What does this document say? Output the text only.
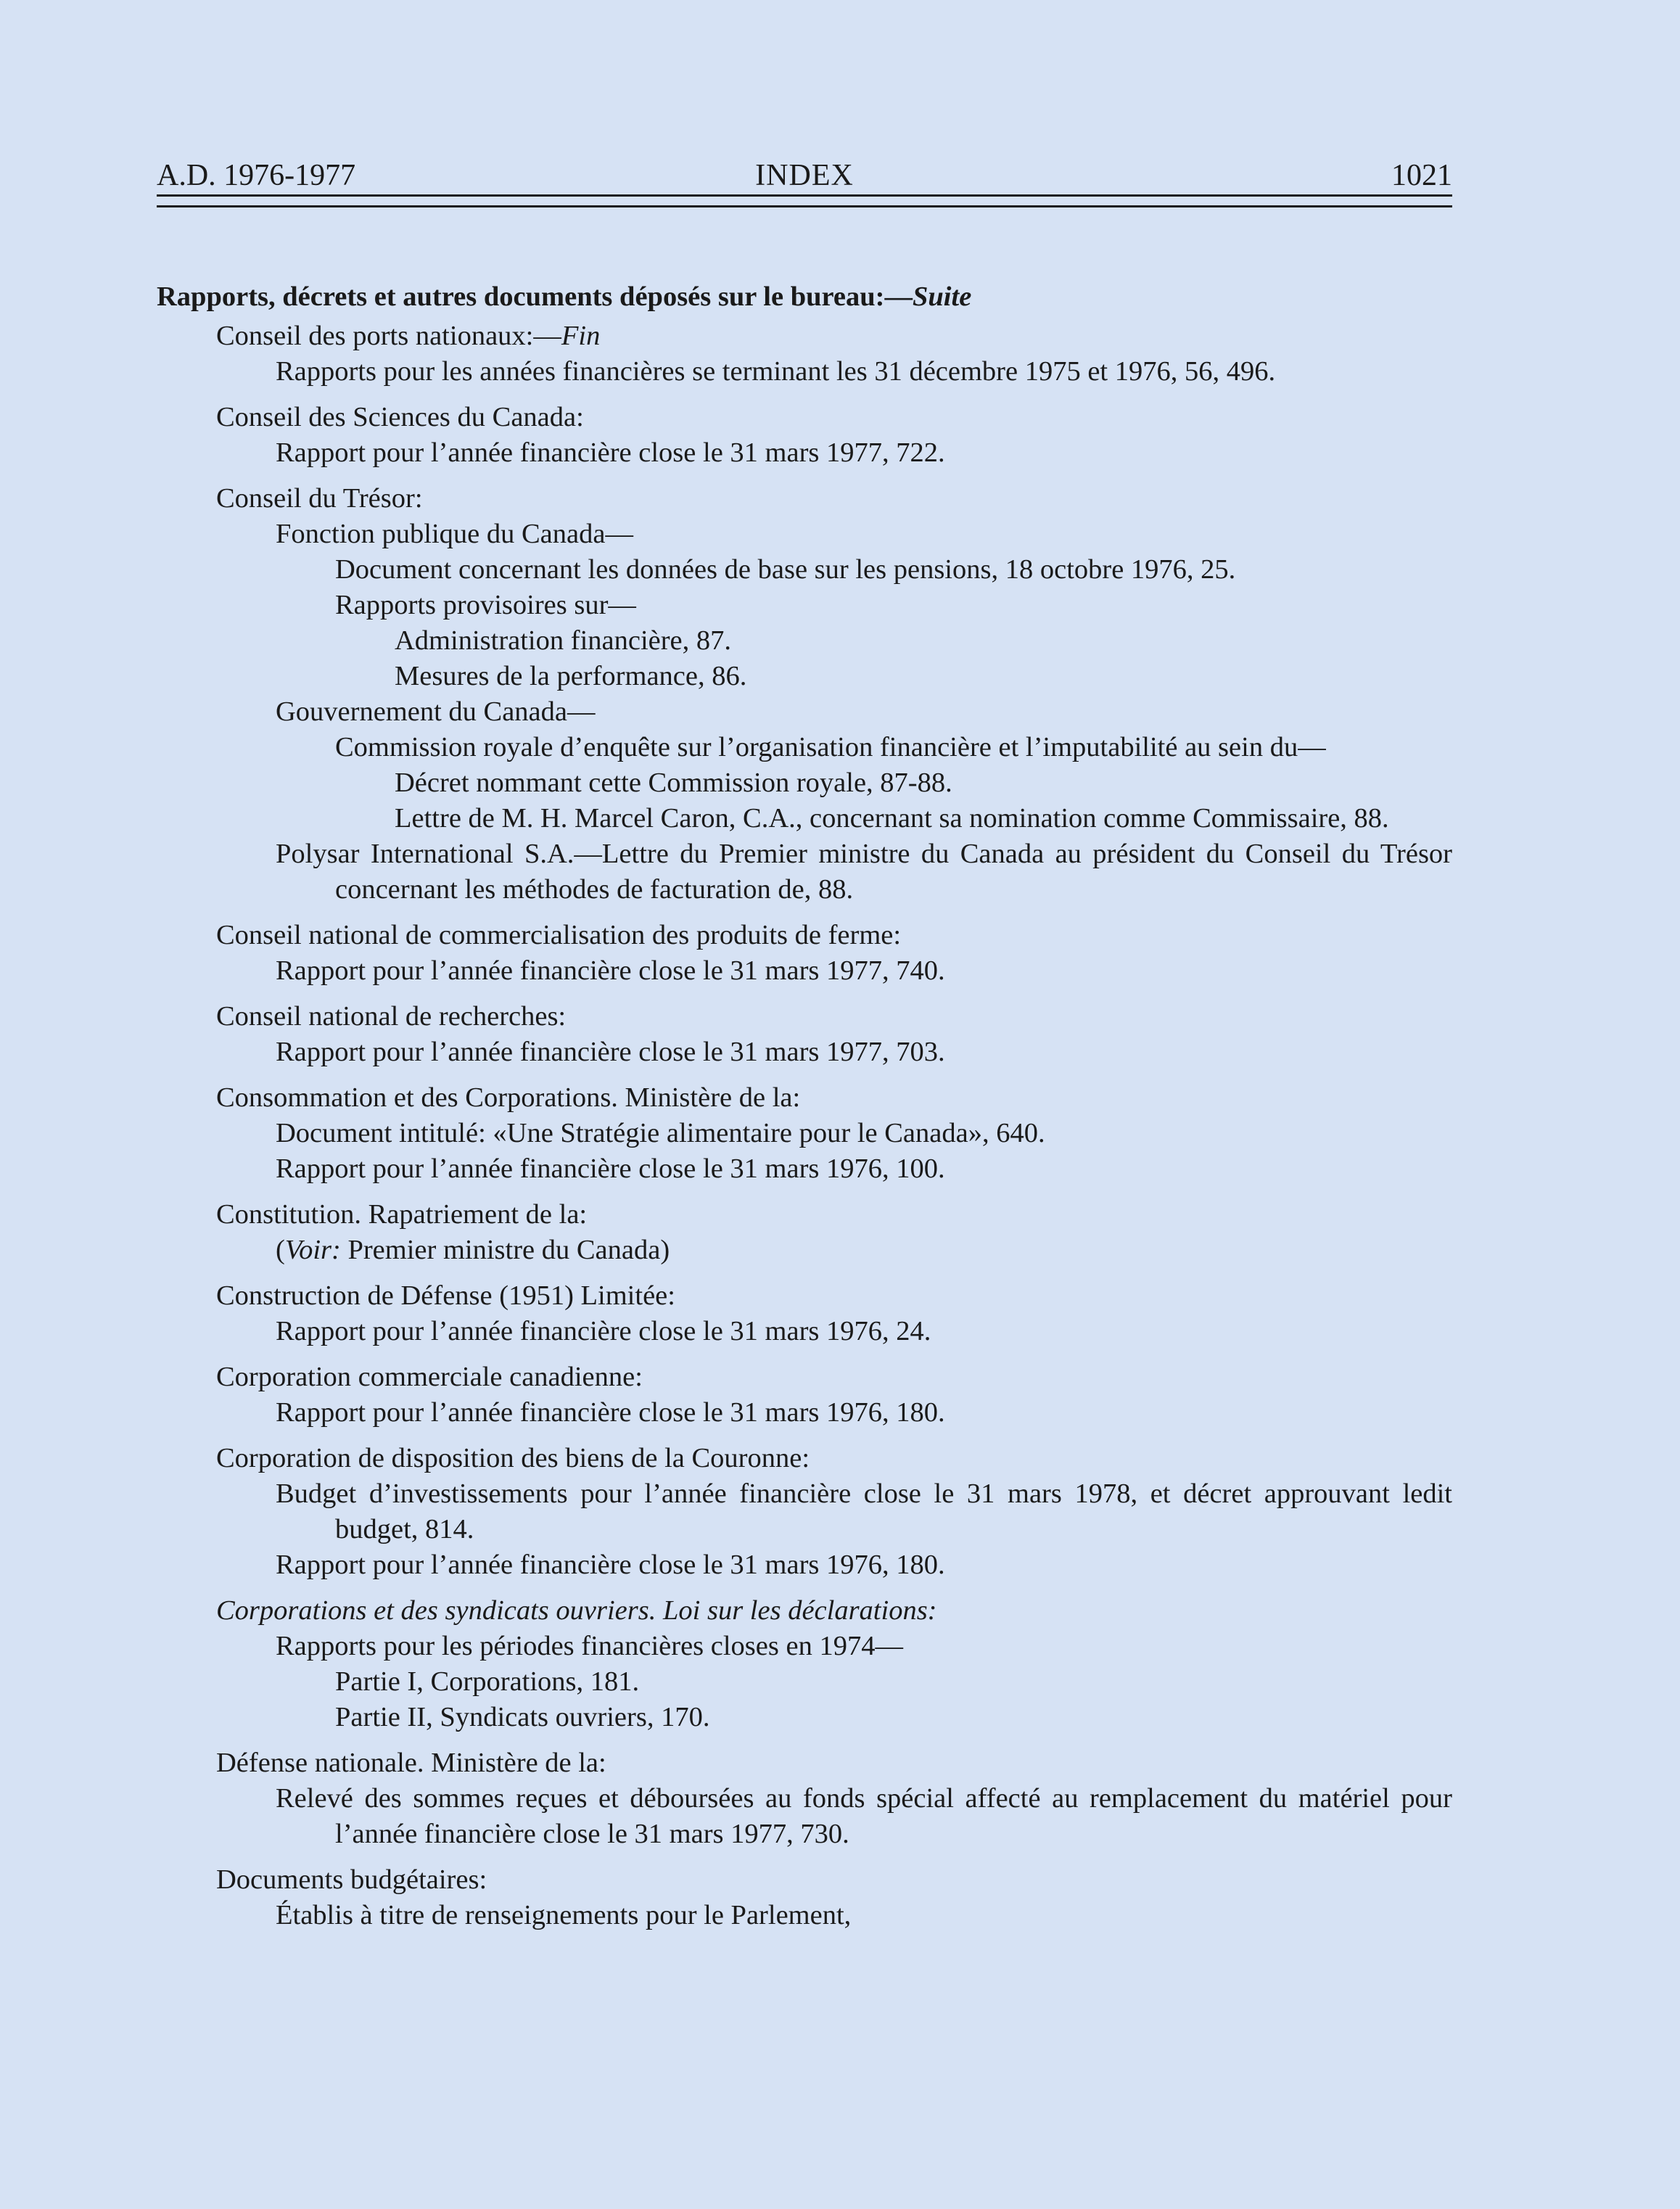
A.D. 1976-1977	INDEX	1021
Rapports, décrets et autres documents déposés sur le bureau:—Suite
Conseil des ports nationaux:—Fin
Rapports pour les années financières se terminant les 31 décembre 1975 et 1976, 56, 496.
Conseil des Sciences du Canada:
Rapport pour l’année financière close le 31 mars 1977, 722.
Conseil du Trésor:
Fonction publique du Canada—
Document concernant les données de base sur les pensions, 18 octobre 1976, 25.
Rapports provisoires sur—
Administration financière, 87.
Mesures de la performance, 86.
Gouvernement du Canada—
Commission royale d’enquête sur l’organisation financière et l’imputabilité au sein du—
Décret nommant cette Commission royale, 87-88.
Lettre de M. H. Marcel Caron, C.A., concernant sa nomination comme Commissaire, 88.
Polysar International S.A.—Lettre du Premier ministre du Canada au président du Conseil du Trésor concernant les méthodes de facturation de, 88.
Conseil national de commercialisation des produits de ferme:
Rapport pour l’année financière close le 31 mars 1977, 740.
Conseil national de recherches:
Rapport pour l’année financière close le 31 mars 1977, 703.
Consommation et des Corporations. Ministère de la:
Document intitulé: «Une Stratégie alimentaire pour le Canada», 640.
Rapport pour l’année financière close le 31 mars 1976, 100.
Constitution. Rapatriement de la:
(Voir: Premier ministre du Canada)
Construction de Défense (1951) Limitée:
Rapport pour l’année financière close le 31 mars 1976, 24.
Corporation commerciale canadienne:
Rapport pour l’année financière close le 31 mars 1976, 180.
Corporation de disposition des biens de la Couronne:
Budget d’investissements pour l’année financière close le 31 mars 1978, et décret approuvant ledit budget, 814.
Rapport pour l’année financière close le 31 mars 1976, 180.
Corporations et des syndicats ouvriers. Loi sur les déclarations:
Rapports pour les périodes financières closes en 1974—
Partie I, Corporations, 181.
Partie II, Syndicats ouvriers, 170.
Défense nationale. Ministère de la:
Relevé des sommes reçues et déboursées au fonds spécial affecté au remplacement du matériel pour l’année financière close le 31 mars 1977, 730.
Documents budgétaires:
Établis à titre de renseignements pour le Parlement,
